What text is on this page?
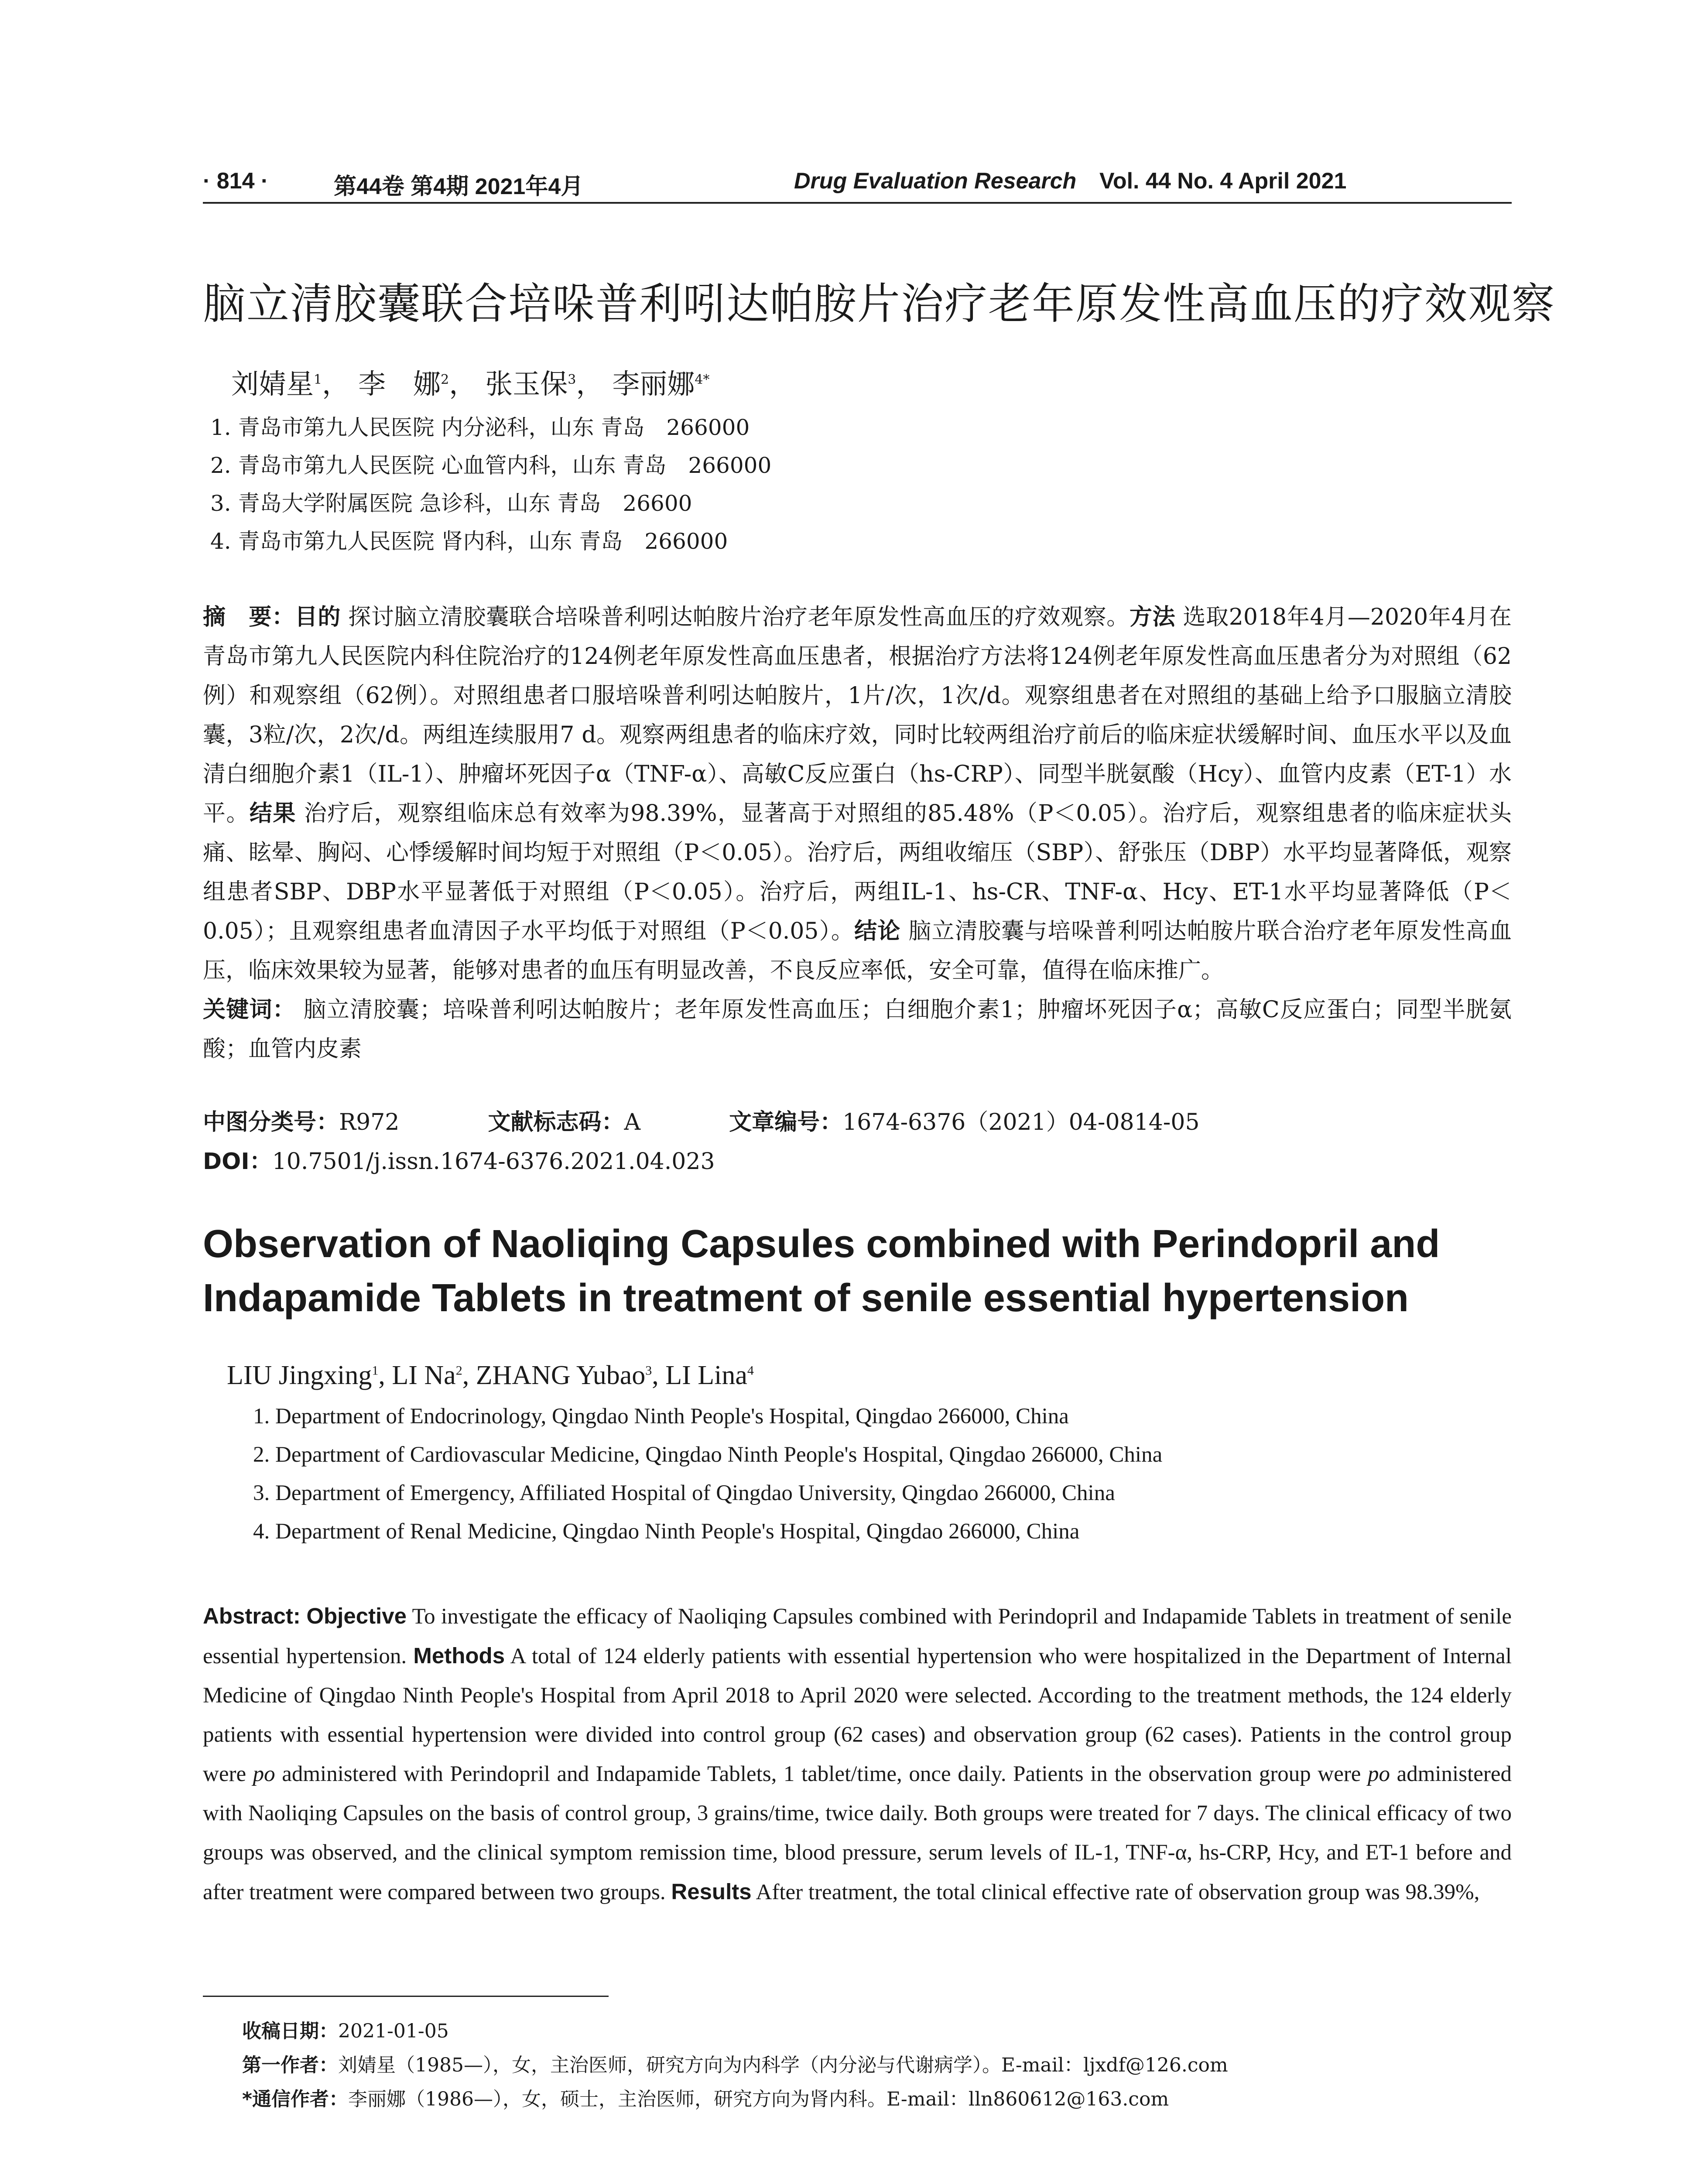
· 814 ·	第44卷 第4期 2021年4月	Drug Evaluation Research Vol. 44 No. 4 April 2021
脑立清胶囊联合培哚普利吲达帕胺片治疗老年原发性高血压的疗效观察
刘婧星$^1$， 李　娜$^2$， 张玉保$^3$， 李丽娜$^{4*}$
1. 青岛市第九人民医院 内分泌科，山东 青岛　266000
2. 青岛市第九人民医院 心血管内科，山东 青岛　266000
3. 青岛大学附属医院 急诊科，山东 青岛　26600
4. 青岛市第九人民医院 肾内科，山东 青岛　266000
摘　要：目的 探讨脑立清胶囊联合培哚普利吲达帕胺片治疗老年原发性高血压的疗效观察。方法 选取2018年4月—2020年4月在青岛市第九人民医院内科住院治疗的124例老年原发性高血压患者，根据治疗方法将124例老年原发性高血压患者分为对照组（62例）和观察组（62例）。对照组患者口服培哚普利吲达帕胺片，1片/次，1次/d。观察组患者在对照组的基础上给予口服脑立清胶囊，3粒/次，2次/d。两组连续服用7 d。观察两组患者的临床疗效，同时比较两组治疗前后的临床症状缓解时间、血压水平以及血清白细胞介素1（IL-1）、肿瘤坏死因子α（TNF-α）、高敏C反应蛋白（hs-CRP）、同型半胱氨酸（Hcy）、血管内皮素（ET-1）水平。结果 治疗后，观察组临床总有效率为98.39%，显著高于对照组的85.48%（P＜0.05）。治疗后，观察组患者的临床症状头痛、眩晕、胸闷、心悸缓解时间均短于对照组（P＜0.05）。治疗后，两组收缩压（SBP）、舒张压（DBP）水平均显著降低，观察组患者SBP、DBP水平显著低于对照组（P＜0.05）。治疗后，两组IL-1、hs-CR、TNF-α、Hcy、ET-1水平均显著降低（P＜0.05）；且观察组患者血清因子水平均低于对照组（P＜0.05）。结论 脑立清胶囊与培哚普利吲达帕胺片联合治疗老年原发性高血压，临床效果较为显著，能够对患者的血压有明显改善，不良反应率低，安全可靠，值得在临床推广。
关键词： 脑立清胶囊；培哚普利吲达帕胺片；老年原发性高血压；白细胞介素1；肿瘤坏死因子α；高敏C反应蛋白；同型半胱氨酸；血管内皮素
中图分类号：R972	文献标志码：A	文章编号：1674-6376（2021）04-0814-05
DOI：10.7501/j.issn.1674-6376.2021.04.023
Observation of Naoliqing Capsules combined with Perindopril and Indapamide Tablets in treatment of senile essential hypertension
LIU Jingxing$^1$, LI Na$^2$, ZHANG Yubao$^3$, LI Lina$^4$
1. Department of Endocrinology, Qingdao Ninth People's Hospital, Qingdao 266000, China
2. Department of Cardiovascular Medicine, Qingdao Ninth People's Hospital, Qingdao 266000, China
3. Department of Emergency, Affiliated Hospital of Qingdao University, Qingdao 266000, China
4. Department of Renal Medicine, Qingdao Ninth People's Hospital, Qingdao 266000, China
Abstract: Objective To investigate the efficacy of Naoliqing Capsules combined with Perindopril and Indapamide Tablets in treatment of senile essential hypertension. Methods A total of 124 elderly patients with essential hypertension who were hospitalized in the Department of Internal Medicine of Qingdao Ninth People's Hospital from April 2018 to April 2020 were selected. According to the treatment methods, the 124 elderly patients with essential hypertension were divided into control group (62 cases) and observation group (62 cases). Patients in the control group were po administered with Perindopril and Indapamide Tablets, 1 tablet/time, once daily. Patients in the observation group were po administered with Naoliqing Capsules on the basis of control group, 3 grains/time, twice daily. Both groups were treated for 7 days. The clinical efficacy of two groups was observed, and the clinical symptom remission time, blood pressure, serum levels of IL-1, TNF-α, hs-CRP, Hcy, and ET-1 before and after treatment were compared between two groups. Results After treatment, the total clinical effective rate of observation group was 98.39%,
收稿日期：2021-01-05
第一作者：刘婧星（1985—），女，主治医师，研究方向为内科学（内分泌与代谢病学）。E-mail：ljxdf@126.com
*通信作者：李丽娜（1986—），女，硕士，主治医师，研究方向为肾内科。E-mail：lln860612@163.com
